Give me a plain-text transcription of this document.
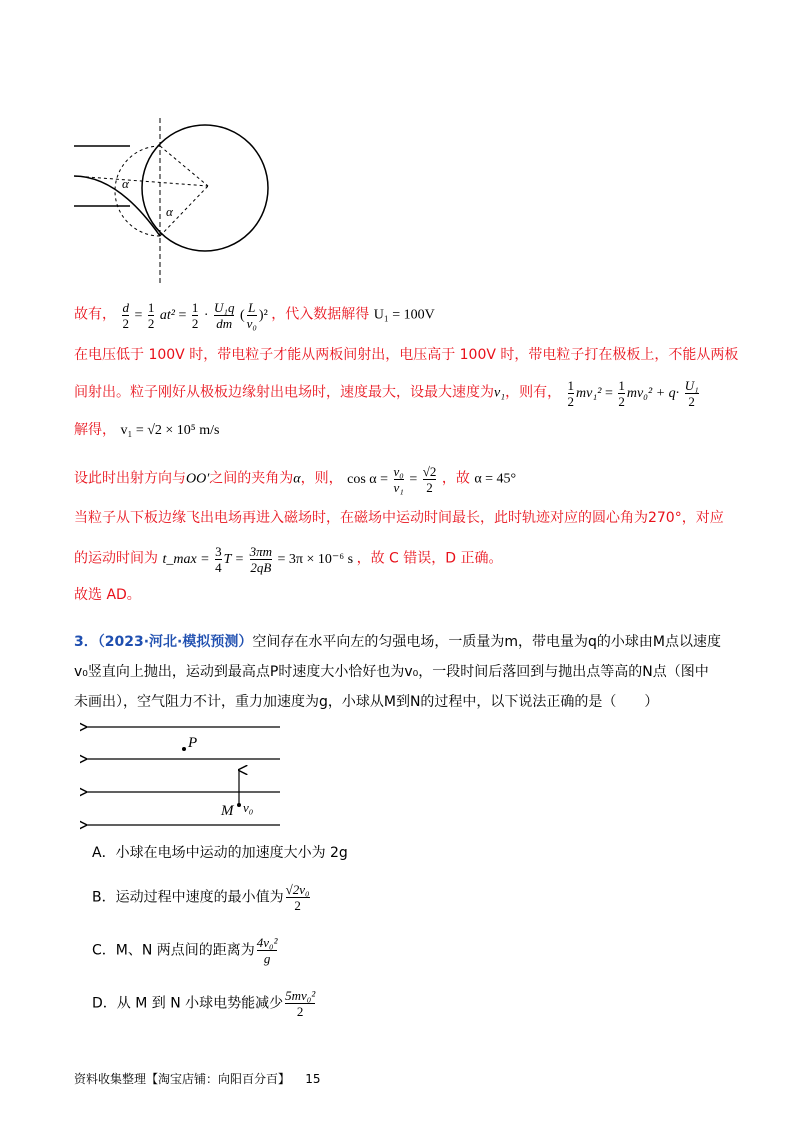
α
α
故有， $\frac{d}{2} = \frac{1}{2} at^2 = \frac{1}{2} \cdot \frac{\text{U₁q}}{dm}$ ( $\frac{L}{\text{v₀}} )^2$ ，代入数据解得 U₁ = 100V
在电压低于 100V 时，带电粒子才能从两板间射出，电压高于 100V 时，带电粒子打在极板上，不能从两板
间射出。粒子刚好从极板边缘射出电场时，速度最大，设最大速度为v₁，则有， $\frac{1}{2} mv_1^2 = \frac{1}{2} mv_0^2 + q\cdot \frac{\text{U₁}}{2}$
解得， v₁ = √2 × 10⁵ m/s
设此时出射方向与OO′之间的夹角为α，则， $\cos \alpha = \frac{\text{v₀}}{\text{v₁}} = \frac{√2}{2}$ ，故 α = 45°
当粒子从下板边缘飞出电场再进入磁场时，在磁场中运动时间最长，此时轨迹对应的圆心角为270°，对应
的运动时间为 t_max = $\frac{3}{4}$ $T = \frac{3\pi m}{2qB} = 3\pi \times 10^{-6}$ s ，故 C 错误，D 正确。
故选 AD。
3．（2023·河北·模拟预测）空间存在水平向左的匀强电场，一质量为m，带电量为q的小球由M点以速度
v₀竖直向上抛出，运动到最高点P时速度大小恰好也为v₀，一段时间后落回到与抛出点等高的N点（图中
未画出），空气阻力不计，重力加速度为g，小球从M到N的过程中，以下说法正确的是（　　）
P
M v₀
A．小球在电场中运动的加速度大小为 2g
B．运动过程中速度的最小值为 $\frac{\text{√2v₀}}{2}$
C．M、N 两点间的距离为 $\frac{\text{4v₀²}}{g}$
D．从 M 到 N 小球电势能减少 $\frac{\text{5mv₀²}}{2}$
资料收集整理【淘宝店铺：向阳百分百】 15
